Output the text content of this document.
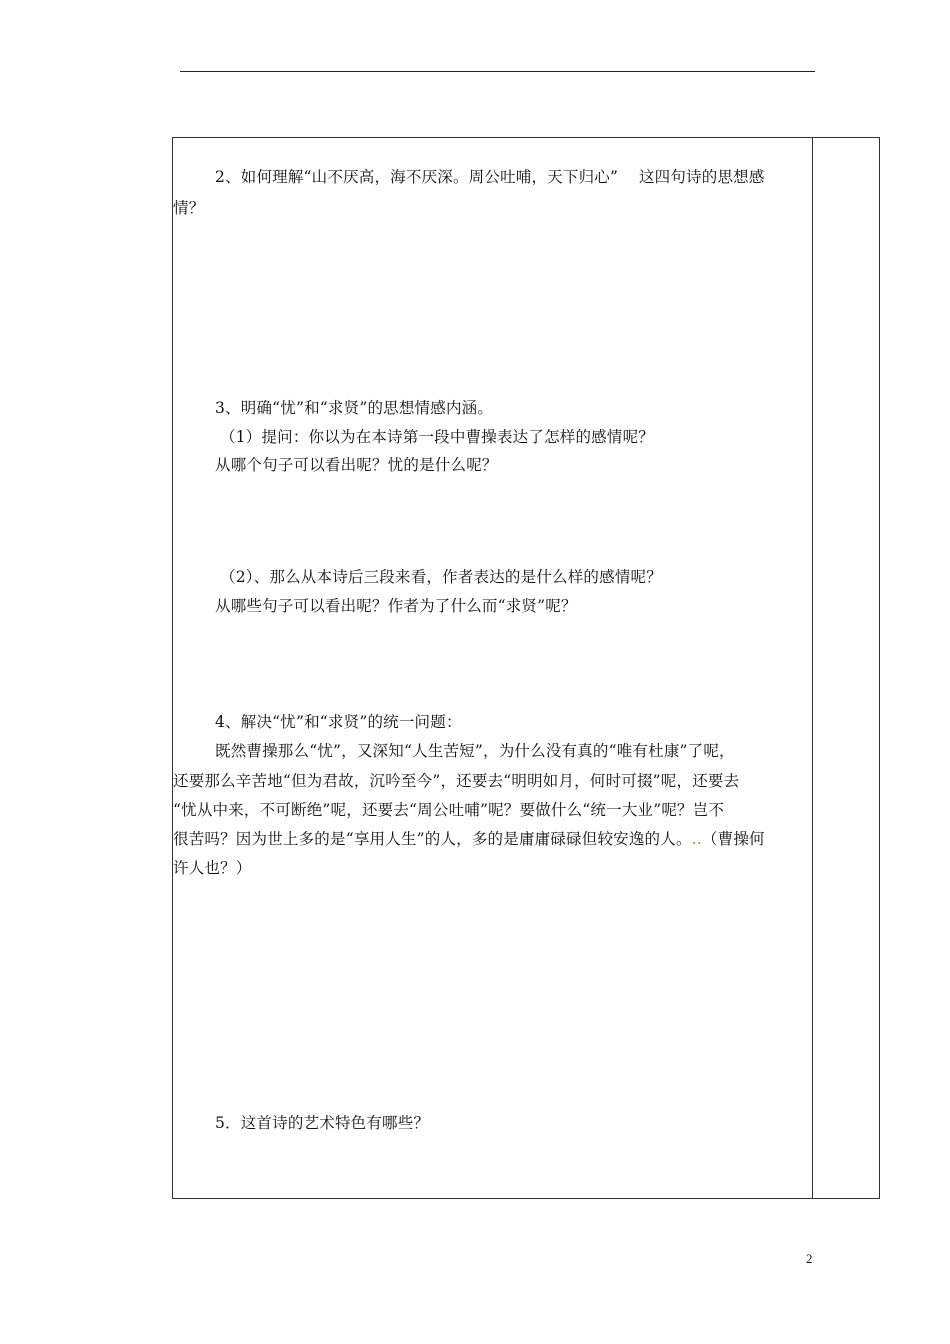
2、如何理解“山不厌高，海不厌深。周公吐哺，天下归心”　 这四句诗的思想感
情？
3、明确“忧”和“求贤”的思想情感内涵。
（1）提问：你以为在本诗第一段中曹操表达了怎样的感情呢？
从哪个句子可以看出呢？忧的是什么呢？
（2）、那么从本诗后三段来看，作者表达的是什么样的感情呢？
从哪些句子可以看出呢？作者为了什么而“求贤”呢？
4、解决“忧”和“求贤”的统一问题：
既然曹操那么“忧”，又深知“人生苦短”，为什么没有真的“唯有杜康”了呢，
还要那么辛苦地“但为君故，沉吟至今”，还要去“明明如月，何时可掇”呢，还要去
“忧从中来，不可断绝”呢，还要去“周公吐哺”呢？要做什么“统一大业”呢？岂不
很苦吗？因为世上多的是“享用人生”的人，多的是庸庸碌碌但较安逸的人。..（曹操何
许人也？）
5．这首诗的艺术特色有哪些？
2
